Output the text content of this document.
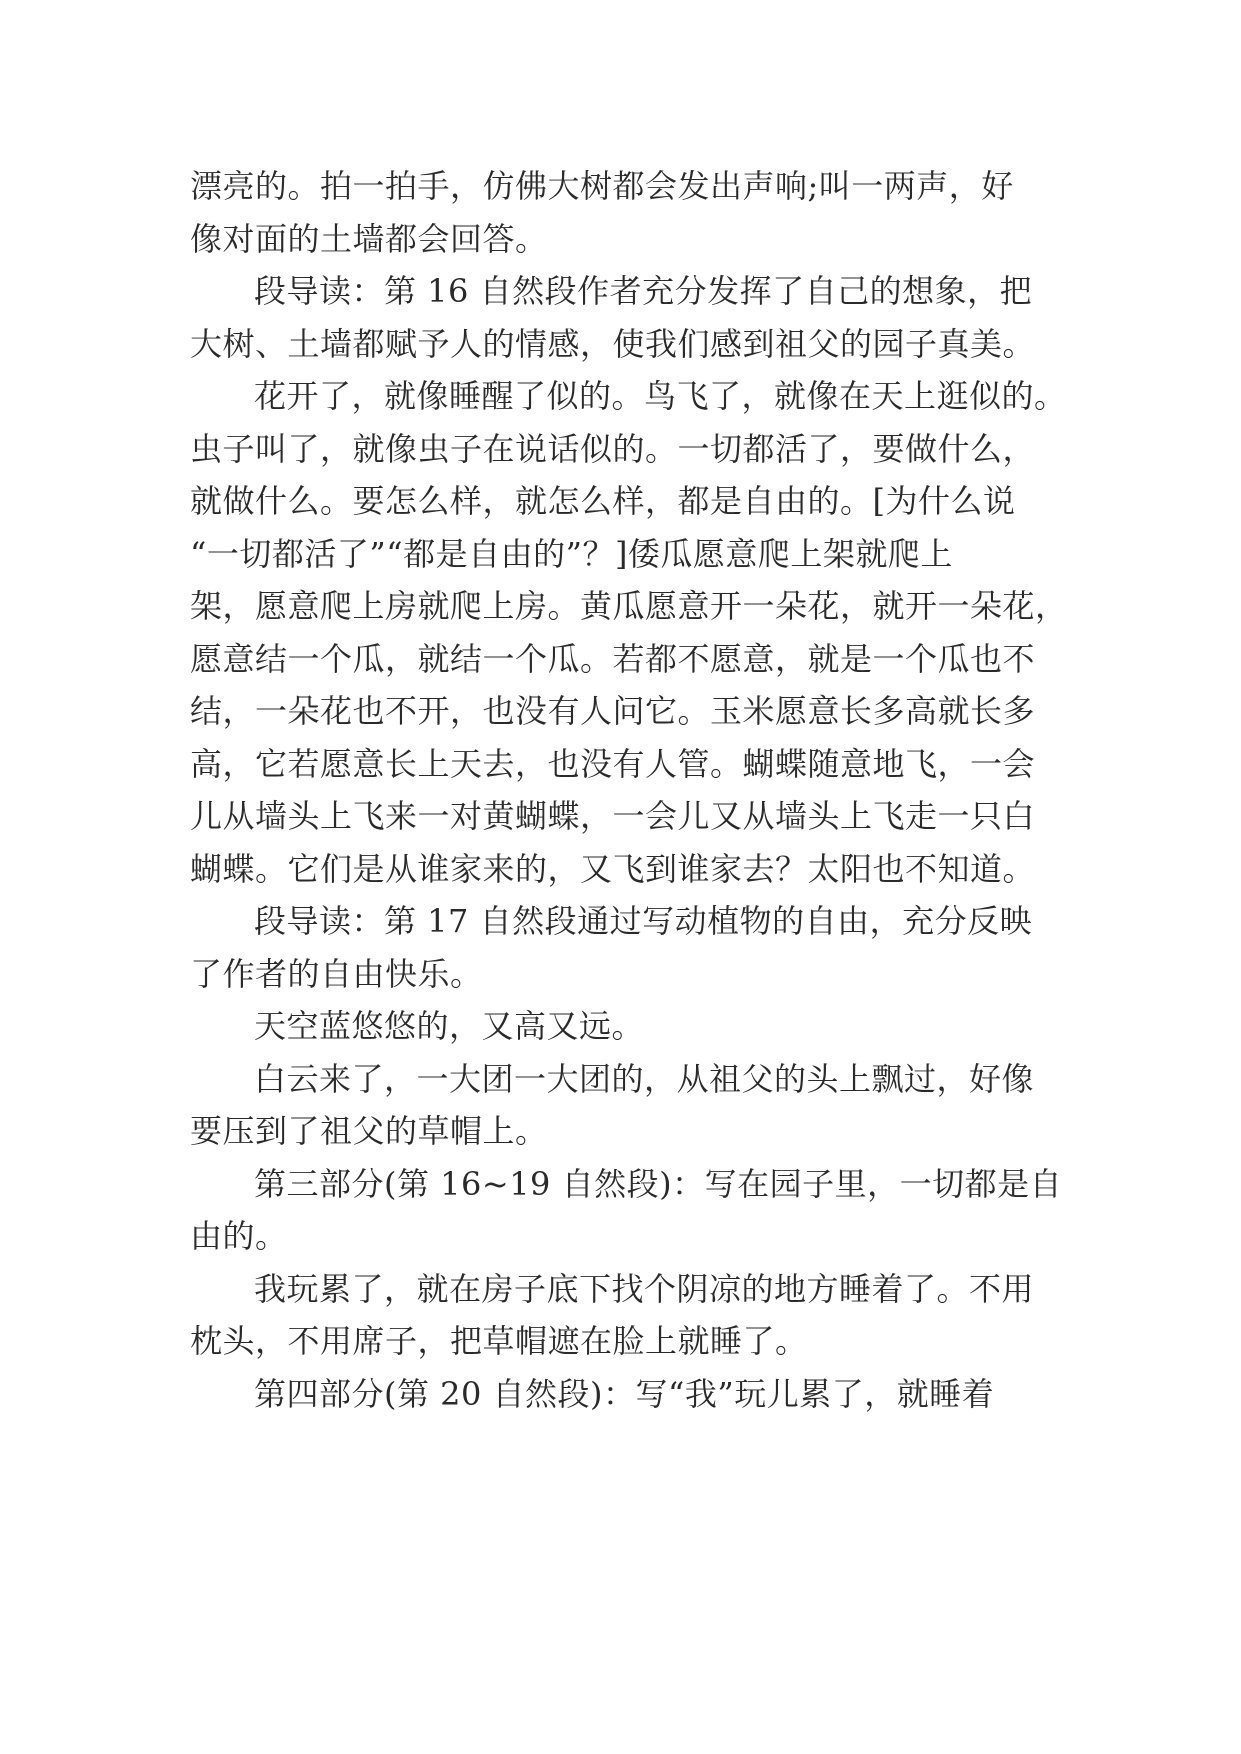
漂亮的。拍一拍手，仿佛大树都会发出声响;叫一两声，好

像对面的土墙都会回答。

段导读：第 16 自然段作者充分发挥了自己的想象，把

大树、土墙都赋予人的情感，使我们感到祖父的园子真美。

花开了，就像睡醒了似的。鸟飞了，就像在天上逛似的。

虫子叫了，就像虫子在说话似的。一切都活了，要做什么，

就做什么。要怎么样，就怎么样，都是自由的。[为什么说

“一切都活了”“都是自由的”？]倭瓜愿意爬上架就爬上

架，愿意爬上房就爬上房。黄瓜愿意开一朵花，就开一朵花，

愿意结一个瓜，就结一个瓜。若都不愿意，就是一个瓜也不

结，一朵花也不开，也没有人问它。玉米愿意长多高就长多

高，它若愿意长上天去，也没有人管。蝴蝶随意地飞，一会

儿从墙头上飞来一对黄蝴蝶，一会儿又从墙头上飞走一只白

蝴蝶。它们是从谁家来的，又飞到谁家去？太阳也不知道。

段导读：第 17 自然段通过写动植物的自由，充分反映

了作者的自由快乐。

天空蓝悠悠的，又高又远。

白云来了，一大团一大团的，从祖父的头上飘过，好像

要压到了祖父的草帽上。

第三部分(第 16~19 自然段)：写在园子里，一切都是自

由的。

我玩累了，就在房子底下找个阴凉的地方睡着了。不用

枕头，不用席子，把草帽遮在脸上就睡了。

第四部分(第 20 自然段)：写“我”玩儿累了，就睡着
